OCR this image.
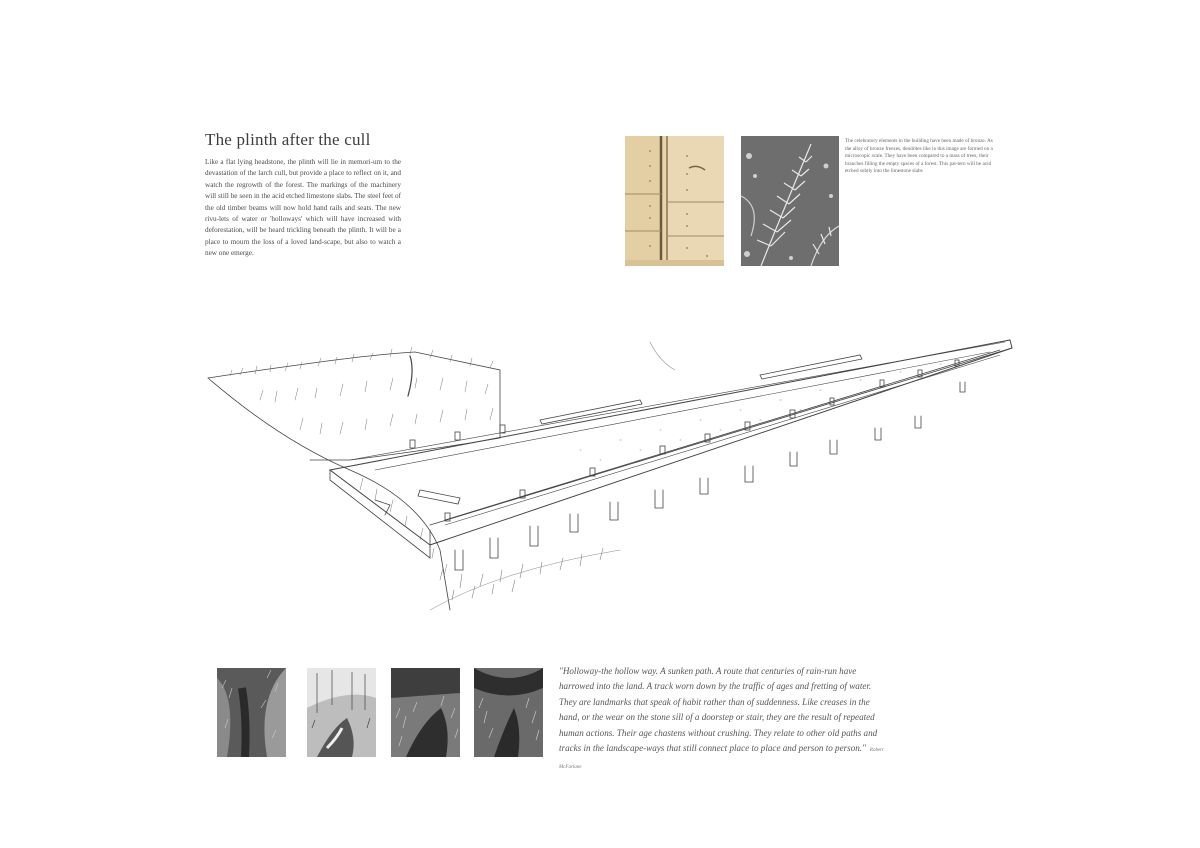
The plinth after the cull

Like a flat lying headstone, the plinth will lie in memori-um to the devastation of the larch cull, but provide a place to reflect on it, and watch the regrowth of the forest. The markings of the machinery will still be seen in the acid etched limestone slabs. The steel feet of the old timber beams will now hold hand rails and seats. The new rivu-lets of water or 'holloways' which will have increased with deforestation, will be heard trickling beneath the plinth. It will be a place to mourn the loss of a loved land-scape, but also to watch a new one emerge.

The celebratory elements in the building have been made of bronze. As the alloy of bronze freezes, dendrites like in this image are formed on a microscopic scale. They have been compared to a mass of trees, their branches filling the empty spaces of a forest. This pat-tern will be acid etched subtly into the limestone slabs

"Holloway-the hollow way. A sunken path. A route that centuries of rain-run have harrowed into the land. A track worn down by the traffic of ages and fretting of water. They are landmarks that speak of habit rather than of suddenness. Like creases in the hand, or the wear on the stone sill of a doorstep or stair, they are the result of repeated human actions. Their age chastens without crushing. They relate to other old paths and tracks in the landscape-ways that still connect place to place and person to person." Robert McFarlane
